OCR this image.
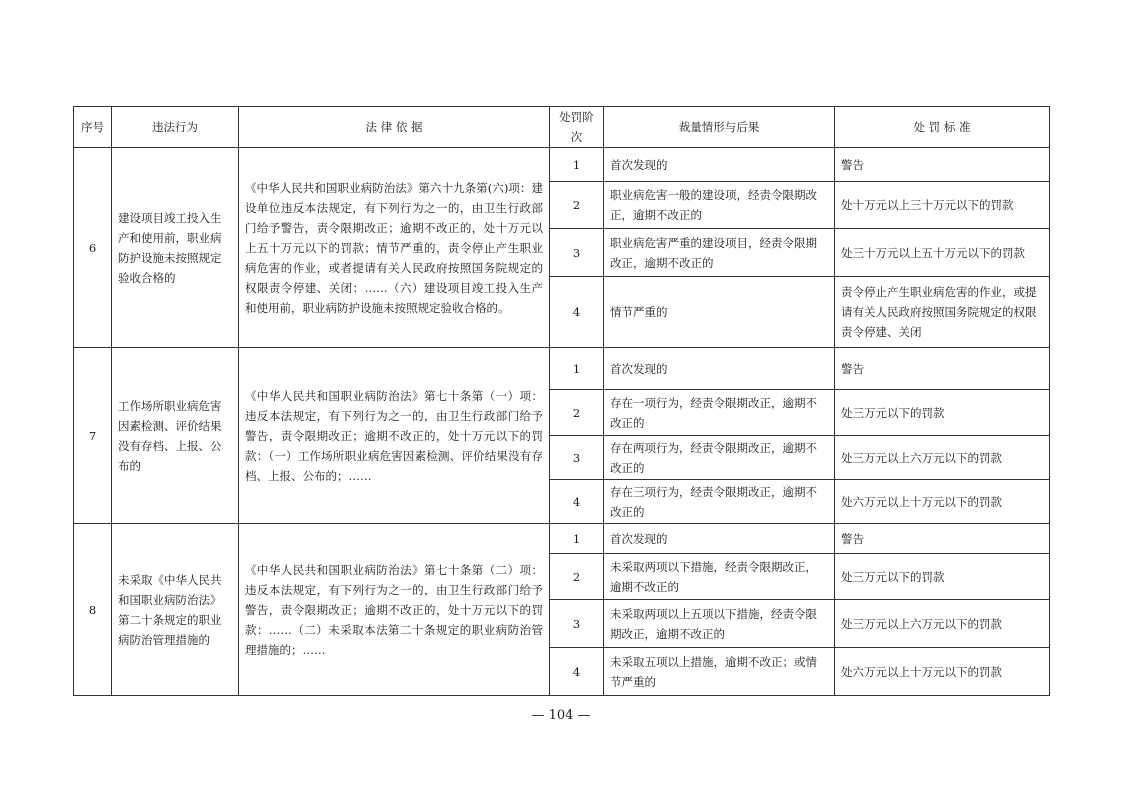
序号	违法行为	法 律 依 据	处罚阶次	裁量情形与后果	处 罚 标 准
6	建设项目竣工投入生产和使用前，职业病防护设施未按照规定验收合格的	《中华人民共和国职业病防治法》第六十九条第(六)项：建设单位违反本法规定，有下列行为之一的，由卫生行政部门给予警告，责令限期改正；逾期不改正的，处十万元以上五十万元以下的罚款；情节严重的，责令停止产生职业病危害的作业，或者提请有关人民政府按照国务院规定的权限责令停建、关闭：……（六）建设项目竣工投入生产和使用前，职业病防护设施未按照规定验收合格的。	1	首次发现的	警告
			2	职业病危害一般的建设项，经责令限期改正，逾期不改正的	处十万元以上三十万元以下的罚款
			3	职业病危害严重的建设项目，经责令限期改正，逾期不改正的	处三十万元以上五十万元以下的罚款
			4	情节严重的	责令停止产生职业病危害的作业，或提请有关人民政府按照国务院规定的权限责令停建、关闭
7	工作场所职业病危害因素检测、评价结果没有存档、上报、公布的	《中华人民共和国职业病防治法》第七十条第（一）项：违反本法规定，有下列行为之一的，由卫生行政部门给予警告，责令限期改正；逾期不改正的，处十万元以下的罚款：（一）工作场所职业病危害因素检测、评价结果没有存档、上报、公布的；……	1	首次发现的	警告
			2	存在一项行为，经责令限期改正，逾期不改正的	处三万元以下的罚款
			3	存在两项行为，经责令限期改正，逾期不改正的	处三万元以上六万元以下的罚款
			4	存在三项行为，经责令限期改正，逾期不改正的	处六万元以上十万元以下的罚款
8	未采取《中华人民共和国职业病防治法》第二十条规定的职业病防治管理措施的	《中华人民共和国职业病防治法》第七十条第（二）项：违反本法规定，有下列行为之一的，由卫生行政部门给予警告，责令限期改正；逾期不改正的，处十万元以下的罚款：……（二）未采取本法第二十条规定的职业病防治管理措施的；……	1	首次发现的	警告
			2	未采取两项以下措施，经责令限期改正，逾期不改正的	处三万元以下的罚款
			3	未采取两项以上五项以下措施，经责令限期改正，逾期不改正的	处三万元以上六万元以下的罚款
			4	未采取五项以上措施，逾期不改正；或情节严重的	处六万元以上十万元以下的罚款
— 104 —
